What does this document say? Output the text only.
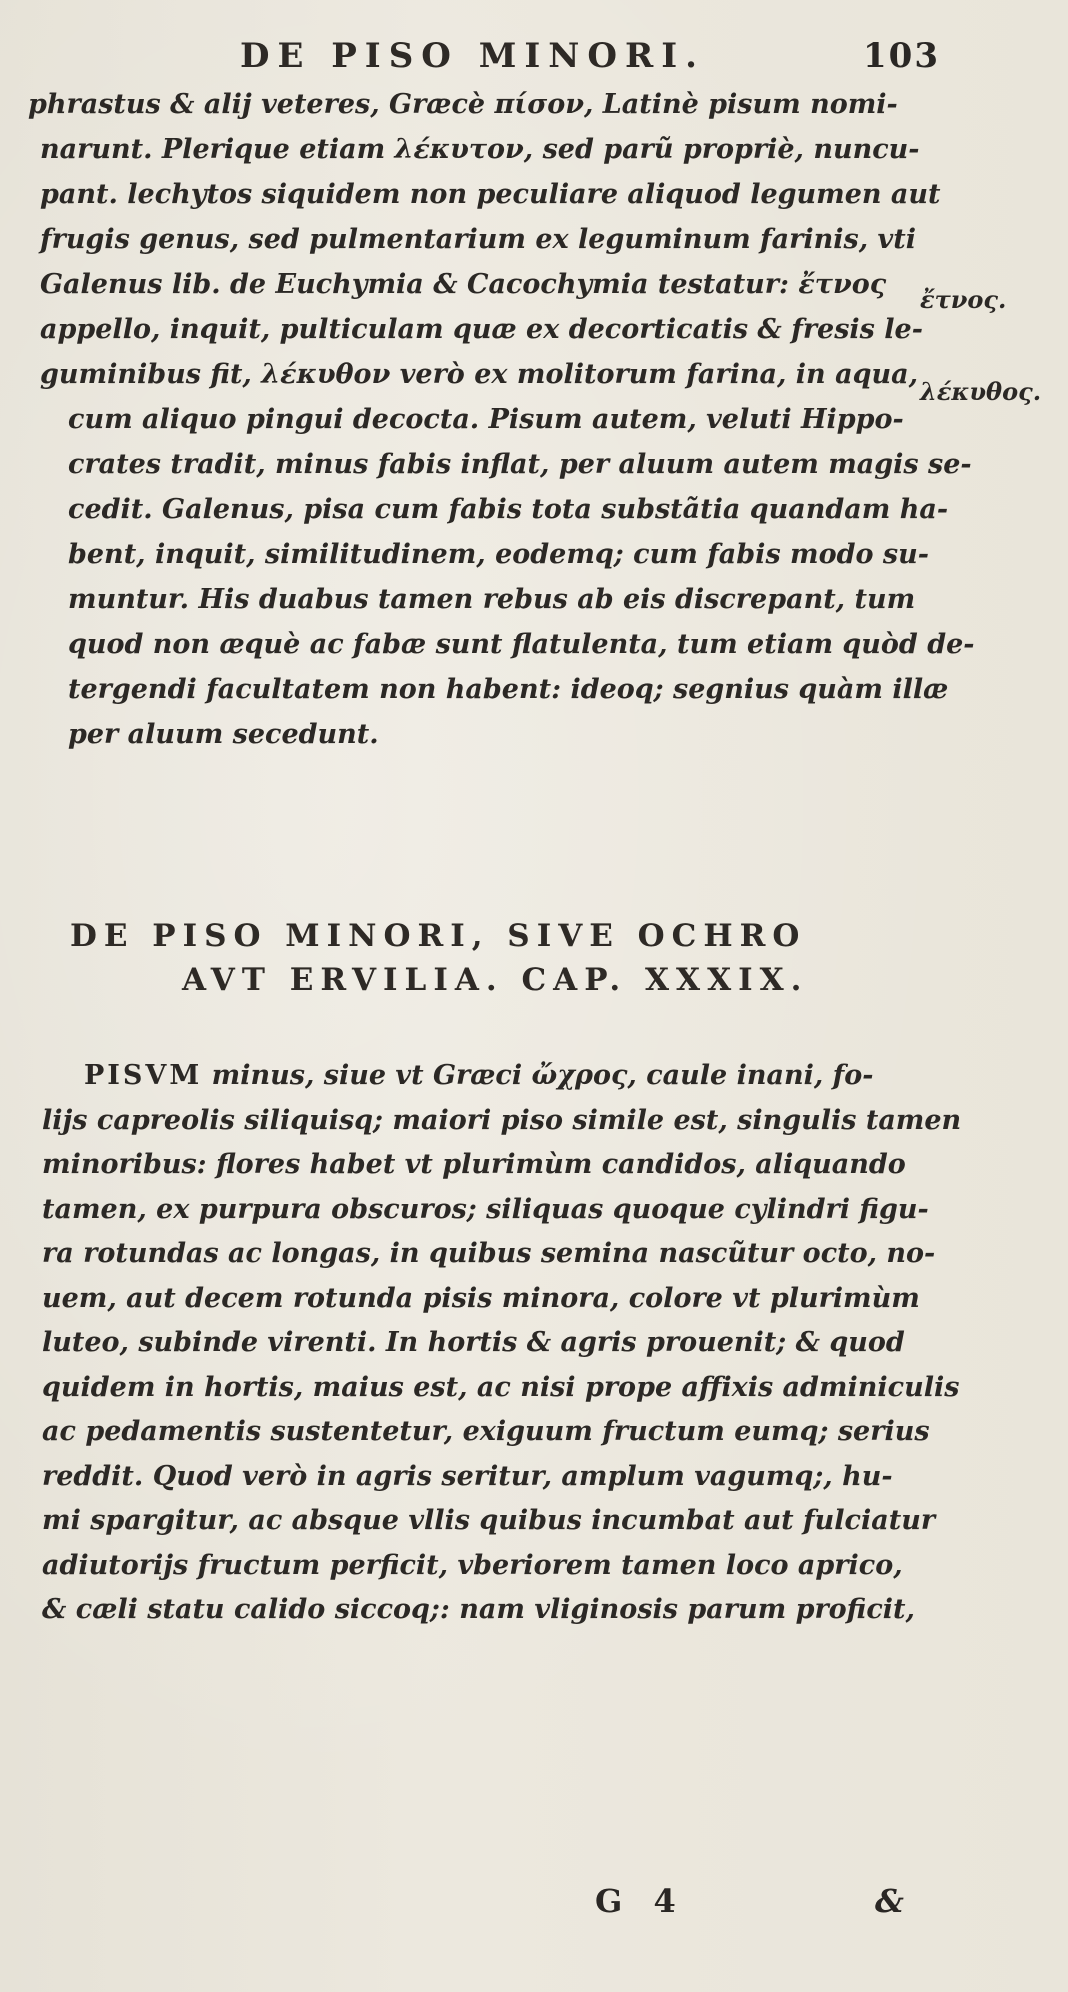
DE PISO MINORI.	103
phrastus & alij veteres, Græcè πίσον, Latinè pisum nomi-
narunt. Plerique etiam λέκυτον, sed parũ propriè, nuncu-
pant. lechytos siquidem non peculiare aliquod legumen aut
frugis genus, sed pulmentarium ex leguminum farinis, vti
Galenus lib. de Euchymia & Cacochymia testatur: ἔτνος
appello, inquit, pulticulam quæ ex decorticatis & fresis le-
guminibus fit, λέκυθον verò ex molitorum farina, in aqua,
cum aliquo pingui decocta. Pisum autem, veluti Hippo-
crates tradit, minus fabis inflat, per aluum autem magis se-
cedit. Galenus, pisa cum fabis tota substãtia quandam ha-
bent, inquit, similitudinem, eodemq; cum fabis modo su-
muntur. His duabus tamen rebus ab eis discrepant, tum
quod non æquè ac fabæ sunt flatulenta, tum etiam quòd de-
tergendi facultatem non habent: ideoq; segnius quàm illæ
per aluum secedunt.
ἔτνος.
λέκυθος.
DE PISO MINORI, SIVE OCHRO
AVT ERVILIA. CAP. XXXIX.
PISVM minus, siue vt Græci ὤχρος, caule inani, fo-
lijs capreolis siliquisq; maiori piso simile est, singulis tamen
minoribus: flores habet vt plurimùm candidos, aliquando
tamen, ex purpura obscuros; siliquas quoque cylindri figu-
ra rotundas ac longas, in quibus semina nascũtur octo, no-
uem, aut decem rotunda pisis minora, colore vt plurimùm
luteo, subinde virenti. In hortis & agris prouenit; & quod
quidem in hortis, maius est, ac nisi prope affixis adminiculis
ac pedamentis sustentetur, exiguum fructum eumq; serius
reddit. Quod verò in agris seritur, amplum vagumq;, hu-
mi spargitur, ac absque vllis quibus incumbat aut fulciatur
adiutorijs fructum perficit, vberiorem tamen loco aprico,
& cæli statu calido siccoq;: nam vliginosis parum proficit,
G 4	&
